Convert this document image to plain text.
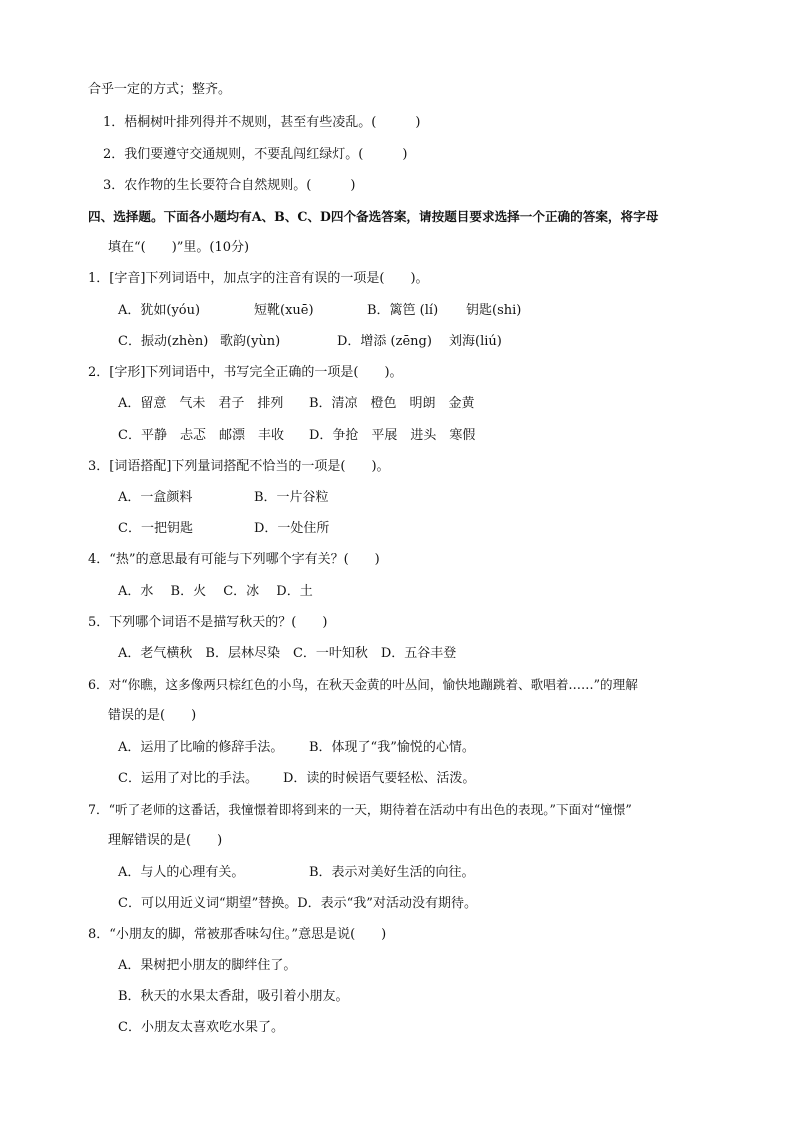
合乎一定的方式；整齐。
1．梧桐树叶排列得并不规则，甚至有些凌乱。(　　　)
2．我们要遵守交通规则，不要乱闯红绿灯。(　　　)
3．农作物的生长要符合自然规则。(　　　)
四、选择题。下面各小题均有A、B、C、D四个备选答案，请按题目要求选择一个正确的答案，将字母
填在“(　　)”里。(10分)
1．[字音]下列词语中，加点字的注音有误的一项是(　　)。
A．犹如(yóu)	短靴(xuē)	B．篱笆 (lí) 钥匙(shi)
C．振动(zhèn) 歌韵(yùn)	D．增添 (zēng) 刘海(liú)
2．[字形]下列词语中，书写完全正确的一项是(　　)。
A．留意　气未　君子　排列 B．清凉　橙色　明朗　金黄
C．平静　忐忑　邮漂　丰收 D．争抢　平展　进头　寒假
3．[词语搭配]下列量词搭配不恰当的一项是(　　)。
A．一盒颜料	B．一片谷粒
C．一把钥匙	D．一处住所
4．“热”的意思最有可能与下列哪个字有关？(　　)
A．水　 B．火　 C．冰　 D．土
5．下列哪个词语不是描写秋天的？(　　)
A．老气横秋　B．层林尽染　C．一叶知秋　D．五谷丰登
6．对“你瞧，这多像两只棕红色的小鸟，在秋天金黄的叶丛间，愉快地蹦跳着、歌唱着……”的理解
错误的是(　　)
A．运用了比喻的修辞手法。 B．体现了“我”愉悦的心情。
C．运用了对比的手法。 D．读的时候语气要轻松、活泼。
7．“听了老师的这番话，我憧憬着即将到来的一天，期待着在活动中有出色的表现。”下面对“憧憬”
理解错误的是(　　)
A．与人的心理有关。	B．表示对美好生活的向往。
C．可以用近义词“期望”替换。D．表示“我”对活动没有期待。
8．“小朋友的脚，常被那香味勾住。”意思是说(　　)
A．果树把小朋友的脚绊住了。
B．秋天的水果太香甜，吸引着小朋友。
C．小朋友太喜欢吃水果了。
